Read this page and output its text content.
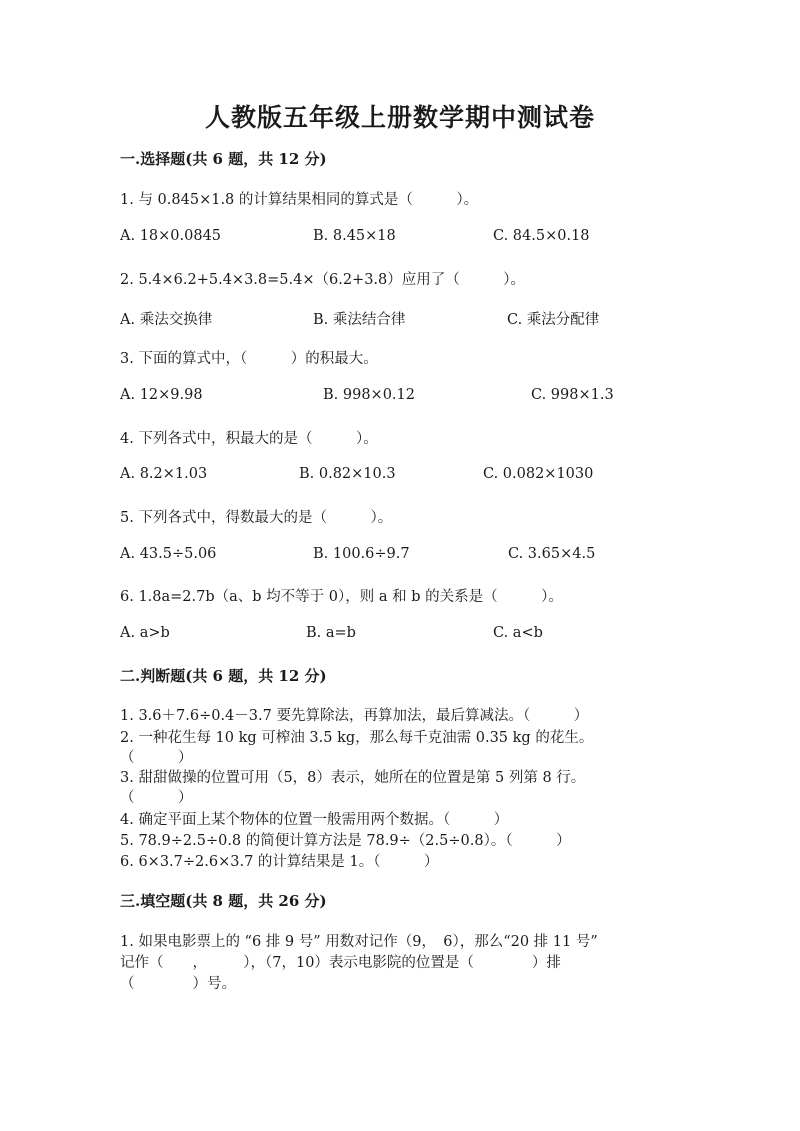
人教版五年级上册数学期中测试卷
一.选择题(共 6 题，共 12 分)
1. 与 0.845×1.8 的计算结果相同的算式是（　　　）。
A. 18×0.0845	B. 8.45×18	C. 84.5×0.18
2. 5.4×6.2+5.4×3.8=5.4×（6.2+3.8）应用了（　　　）。
A. 乘法交换律	B. 乘法结合律	C. 乘法分配律
3. 下面的算式中，（　　　）的积最大。
A. 12×9.98	B. 998×0.12	C. 998×1.3
4. 下列各式中，积最大的是（　　　）。
A. 8.2×1.03	B. 0.82×10.3	C. 0.082×1030
5. 下列各式中，得数最大的是（　　　）。
A. 43.5÷5.06	B. 100.6÷9.7	C. 3.65×4.5
6. 1.8a=2.7b（a、b 均不等于 0），则 a 和 b 的关系是（　　　）。
A. a>b	B. a=b	C. a<b
二.判断题(共 6 题，共 12 分)
1. 3.6＋7.6÷0.4－3.7 要先算除法，再算加法，最后算减法。（　　　）
2. 一种花生每 10 kg 可榨油 3.5 kg，那么每千克油需 0.35 kg 的花生。
（　　　）
3. 甜甜做操的位置可用（5，8）表示，她所在的位置是第 5 列第 8 行。
（　　　）
4. 确定平面上某个物体的位置一般需用两个数据。（　　　）
5. 78.9÷2.5÷0.8 的简便计算方法是 78.9÷（2.5÷0.8）。（　　　）
6. 6×3.7÷2.6×3.7 的计算结果是 1。（　　　）
三.填空题(共 8 题，共 26 分)
1. 如果电影票上的 “6 排 9 号” 用数对记作（9，　6），那么“20 排 11 号”
记作（　　，　　　），（7，10）表示电影院的位置是（　　　　）排
（　　　　）号。
